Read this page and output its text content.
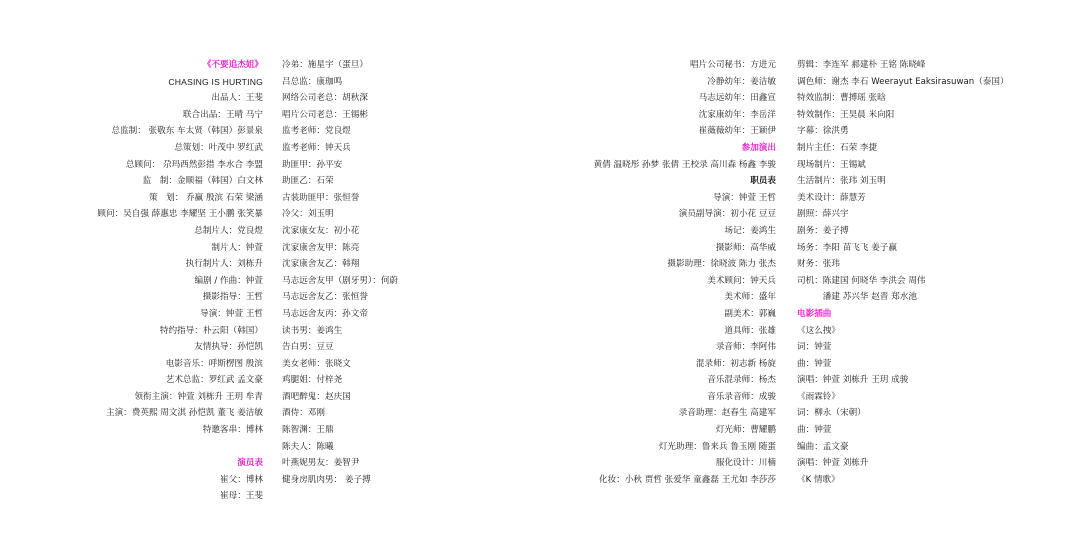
《不要追杰姐》
CHASING IS HURTING
出品人：王斐
联合出品：王晴 马宁
总监制： 张敬东 车太贤（韩国）彭景泉
总策划：叶茂中 罗红武
总顾问： 尕玛西然彭措 李水合 李盟
监　制：金顺福（韩国）白文林
策　划： 乔赢 殷滨 石荣 梁涵
顾问：吴自强 薛惠忠 李耀坚 王小鹏 张笑暴
总制片人：党良煜
制片人：钟萱
执行制片人：刘栋升
编剧 / 作曲：钟萱
摄影指导：王哲
导演：钟萱 王哲
特约指导：朴云阳（韩国）
友情执导：孙恺凯
电影音乐：呼斯楞图 殷滨
艺术总监：罗红武 孟文豪
领衔主演：钟萱 刘栋升 王玥 牟青
主演：费英熙 周文淇 孙恺凯 董飞 姜洁敏
特邀客串：博林
演员表
崔父：博林
崔母：王斐
冷弟：施星宇（蛋旦）
吕总监：康珈鸣
网络公司老总：胡秋深
唱片公司老总：王锡彬
监考老师：党良煜
监考老师：钟天兵
助匪甲：孙平安
助匪乙：石荣
古装助匪甲：张恒誉
冷父：刘玉明
沈家康女友：初小花
沈家康舍友甲：陈亮
沈家康舍友乙：韩翔
马志远舍友甲（剧牙男）：何蔚
马志远舍友乙：张恒誉
马志远舍友丙：孙文帝
读书男：姜鸿生
告白男：豆豆
美女老师：张晓文
鸡腿姐：付梓尧
酒吧醉鬼：赵庆国
酒侍：邓刚
陈智渊：王鼎
陈夫人：陈曦
叶燕妮男友：姜智尹
健身房肌肉男： 姜子搏
唱片公司秘书：方进元
冷静幼年：姜洁敏
马志远幼年：田鑫宣
沈家康幼年：李岳洋
崔薇薇幼年：王颖伊
参加演出
黄倩 温晓彤 孙梦 张倩 王校录 高川森 杨鑫 李骏
职员表
导演：钟萱 王哲
演员副导演：初小花 豆豆
场记：姜鸿生
摄影师：高华威
摄影助理：徐晓波 陈力 张杰
美术顾问：钟天兵
美术师：盛年
副美术：郭巍
道具师：张雄
录音师：李阿伟
混录师：初志新 杨旋
音乐混录师：杨杰
音乐录音师：成骏
录音助理：赵春生 高建军
灯光师：曹耀鹏
灯光助理：鲁来兵 鲁玉刚 随蛋
服化设计：川楠
化妆：小秋 贾哲 张爱华 童鑫磊 王尤如 李莎莎
剪辑：李连军 郝建朴 王铭 陈晓峰
调色师：谢杰 李石 Weerayut Eaksirasuwan（泰国）
特效监制：曹搏瑶 张晗
特效制作：王昊晨 米向阳
字幕：徐洪勇
制片主任：石荣 李捷
现场制片：王锡斌
生活制片：张玮 刘玉明
美术设计：薛慧芳
剧照：薛兴宇
剧务：姜子搏
场务：李阳 苗飞飞 姜子赢
财务：张玮
司机：陈建国 何晓华 李洪会 周伟
　　　潘建 苏兴华 赵晋 郑水池
电影插曲
《这么拽》
词：钟萱
曲：钟萱
演唱：钟萱 刘栋升 王玥 成骏
《雨霖铃》
词：柳永（宋朝）
曲：钟萱
编曲：孟文豪
演唱：钟萱 刘栋升
《K 情歌》
